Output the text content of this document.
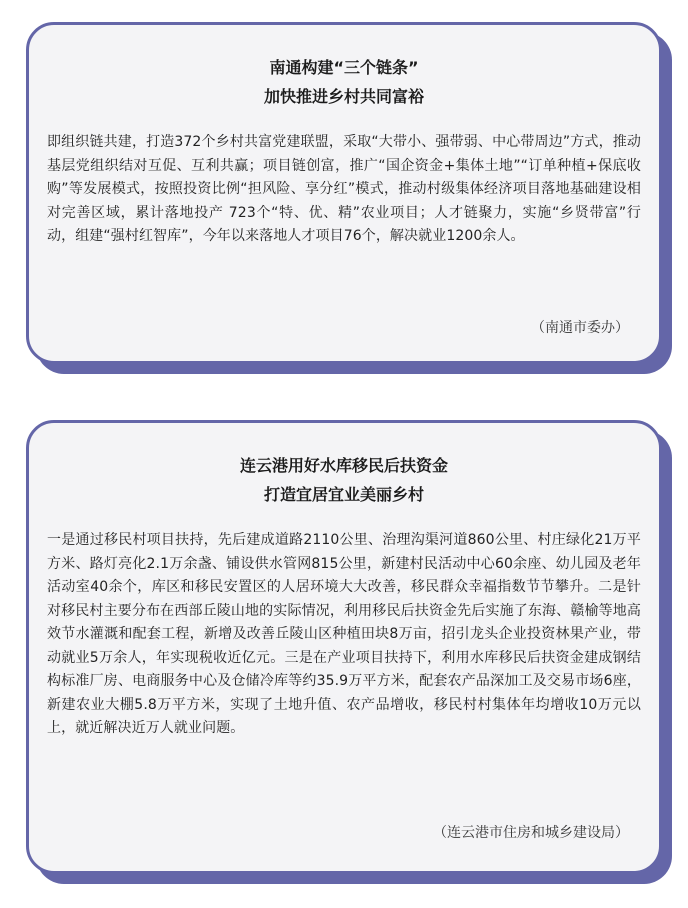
南通构建“三个链条”
加快推进乡村共同富裕

即组织链共建，打造372个乡村共富党建联盟，采取“大带小、强带弱、中心带周边”方式，推动基层党组织结对互促、互利共赢；项目链创富，推广“国企资金+集体土地”“订单种植+保底收购”等发展模式，按照投资比例“担风险、享分红”模式，推动村级集体经济项目落地基础建设相对完善区域，累计落地投产 723个“特、优、精”农业项目；人才链聚力，实施“乡贤带富”行动，组建“强村红智库”，今年以来落地人才项目76个，解决就业1200余人。
（南通市委办）

连云港用好水库移民后扶资金
打造宜居宜业美丽乡村

一是通过移民村项目扶持，先后建成道路2110公里、治理沟渠河道860公里、村庄绿化21万平方米、路灯亮化2.1万余盏、铺设供水管网815公里，新建村民活动中心60余座、幼儿园及老年活动室40余个，库区和移民安置区的人居环境大大改善，移民群众幸福指数节节攀升。二是针对移民村主要分布在西部丘陵山地的实际情况，利用移民后扶资金先后实施了东海、赣榆等地高效节水灌溉和配套工程，新增及改善丘陵山区种植田块8万亩，招引龙头企业投资林果产业，带动就业5万余人，年实现税收近亿元。三是在产业项目扶持下，利用水库移民后扶资金建成钢结构标准厂房、电商服务中心及仓储冷库等约35.9万平方米，配套农产品深加工及交易市场6座，新建农业大棚5.8万平方米，实现了土地升值、农产品增收，移民村村集体年均增收10万元以上，就近解决近万人就业问题。
（连云港市住房和城乡建设局）
